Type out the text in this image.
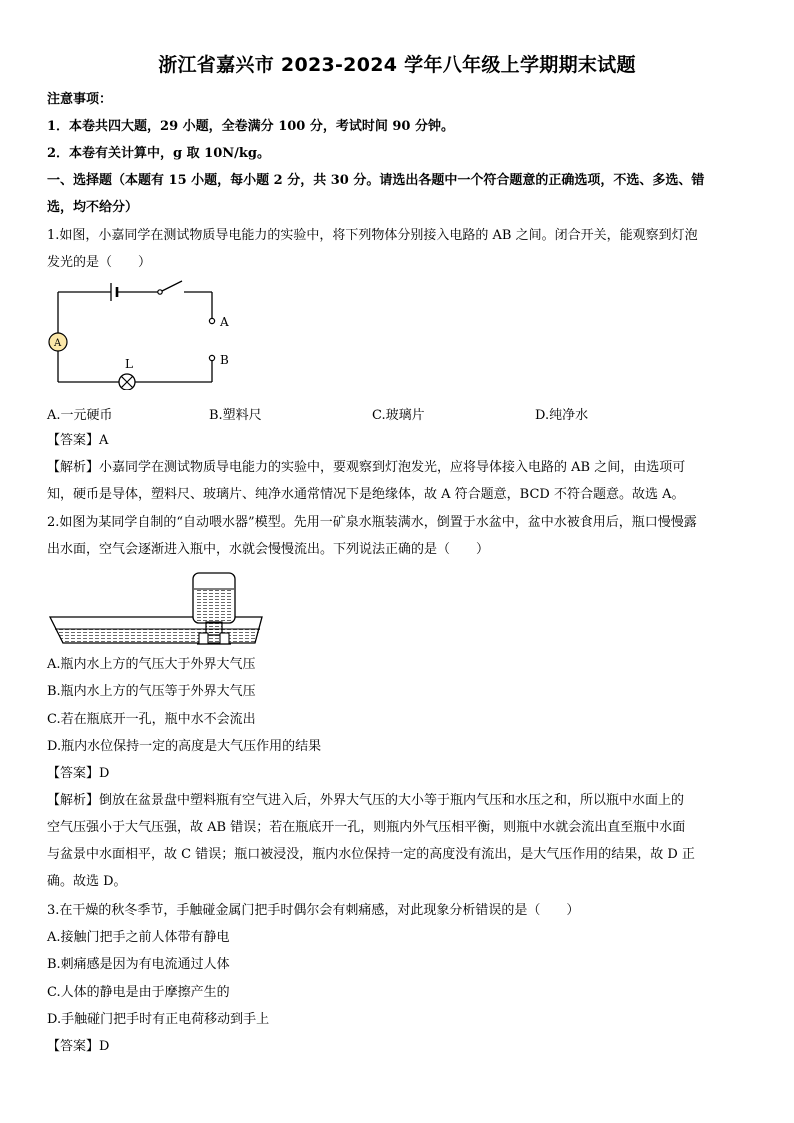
浙江省嘉兴市 2023-2024 学年八年级上学期期末试题
注意事项：
1．本卷共四大题，29 小题，全卷满分 100 分，考试时间 90 分钟。
2．本卷有关计算中，g 取 10N/kg。
一、选择题（本题有 15 小题，每小题 2 分，共 30 分。请选出各题中一个符合题意的正确选项，不选、多选、错
选，均不给分）
1.如图，小嘉同学在测试物质导电能力的实验中，将下列物体分别接入电路的 AB 之间。闭合开关，能观察到灯泡
发光的是（　　）
A
B
L
A
A.一元硬币	B.塑料尺	C.玻璃片	D.纯净水
【答案】A
【解析】小嘉同学在测试物质导电能力的实验中，要观察到灯泡发光，应将导体接入电路的 AB 之间，由选项可
知，硬币是导体，塑料尺、玻璃片、纯净水通常情况下是绝缘体，故 A 符合题意，BCD 不符合题意。故选 A。
2.如图为某同学自制的“自动喂水器”模型。先用一矿泉水瓶装满水，倒置于水盆中，盆中水被食用后，瓶口慢慢露
出水面，空气会逐渐进入瓶中，水就会慢慢流出。下列说法正确的是（　　）
A.瓶内水上方的气压大于外界大气压
B.瓶内水上方的气压等于外界大气压
C.若在瓶底开一孔，瓶中水不会流出
D.瓶内水位保持一定的高度是大气压作用的结果
【答案】D
【解析】倒放在盆景盘中塑料瓶有空气进入后，外界大气压的大小等于瓶内气压和水压之和，所以瓶中水面上的
空气压强小于大气压强，故 AB 错误；若在瓶底开一孔，则瓶内外气压相平衡，则瓶中水就会流出直至瓶中水面
与盆景中水面相平，故 C 错误；瓶口被浸没，瓶内水位保持一定的高度没有流出，是大气压作用的结果，故 D 正
确。故选 D。
3.在干燥的秋冬季节，手触碰金属门把手时偶尔会有刺痛感，对此现象分析错误的是（　　）
A.接触门把手之前人体带有静电
B.刺痛感是因为有电流通过人体
C.人体的静电是由于摩擦产生的
D.手触碰门把手时有正电荷移动到手上
【答案】D
